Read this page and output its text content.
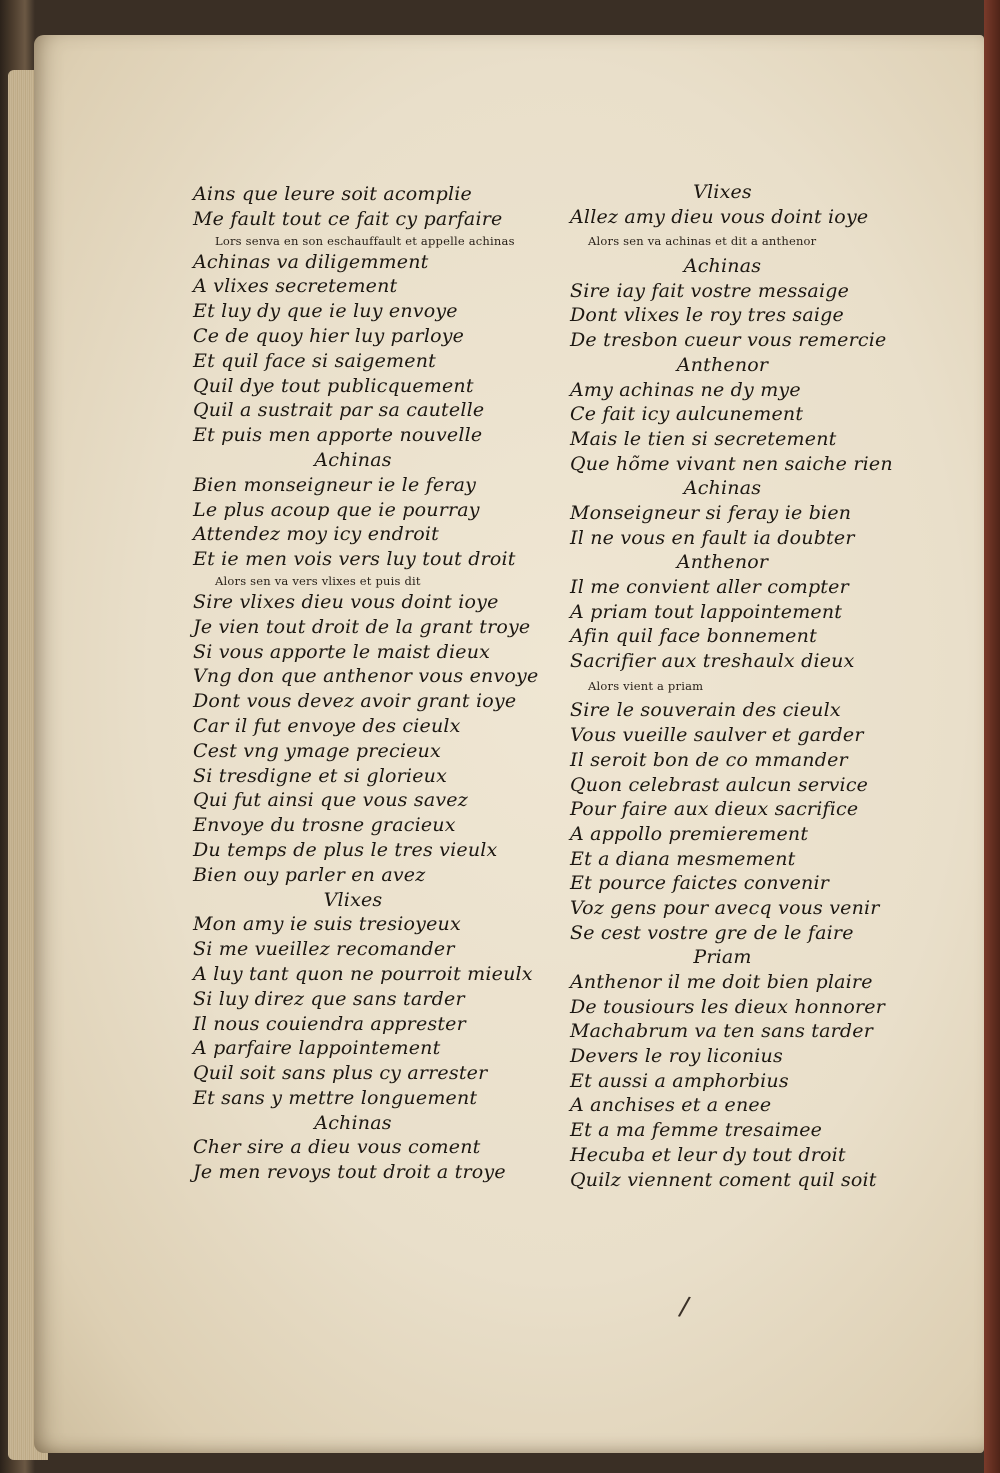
Ains que leure soit acomplie
Me fault tout ce fait cy parfaire
Lors senva en son eschauffault et appelle achinas
Achinas va diligemment
A vlixes secretement
Et luy dy que ie luy envoye
Ce de quoy hier luy parloye
Et quil face si saigement
Quil dye tout publicquement
Quil a sustrait par sa cautelle
Et puis men apporte nouvelle
Achinas
Bien monseigneur ie le feray
Le plus acoup que ie pourray
Attendez moy icy endroit
Et ie men vois vers luy tout droit
Alors sen va vers vlixes et puis dit
Sire vlixes dieu vous doint ioye
Je vien tout droit de la grant troye
Si vous apporte le maist dieux
Vng don que anthenor vous envoye
Dont vous devez avoir grant ioye
Car il fut envoye des cieulx
Cest vng ymage precieux
Si tresdigne et si glorieux
Qui fut ainsi que vous savez
Envoye du trosne gracieux
Du temps de plus le tres vieulx
Bien ouy parler en avez
Vlixes
Mon amy ie suis tresioyeux
Si me vueillez recomander
A luy tant quon ne pourroit mieulx
Si luy direz que sans tarder
Il nous couiendra apprester
A parfaire lappointement
Quil soit sans plus cy arrester
Et sans y mettre longuement
Achinas
Cher sire a dieu vous coment
Je men revoys tout droit a troye
Vlixes
Allez amy dieu vous doint ioye
Alors sen va achinas et dit a anthenor
Achinas
Sire iay fait vostre messaige
Dont vlixes le roy tres saige
De tresbon cueur vous remercie
Anthenor
Amy achinas ne dy mye
Ce fait icy aulcunement
Mais le tien si secretement
Que hõme vivant nen saiche rien
Achinas
Monseigneur si feray ie bien
Il ne vous en fault ia doubter
Anthenor
Il me convient aller compter
A priam tout lappointement
Afin quil face bonnement
Sacrifier aux treshaulx dieux
Alors vient a priam
Sire le souverain des cieulx
Vous vueille saulver et garder
Il seroit bon de co mmander
Quon celebrast aulcun service
Pour faire aux dieux sacrifice
A appollo premierement
Et a diana mesmement
Et pource faictes convenir
Voz gens pour avecq vous venir
Se cest vostre gre de le faire
Priam
Anthenor il me doit bien plaire
De tousiours les dieux honnorer
Machabrum va ten sans tarder
Devers le roy liconius
Et aussi a amphorbius
A anchises et a enee
Et a ma femme tresaimee
Hecuba et leur dy tout droit
Quilz viennent coment quil soit
/
